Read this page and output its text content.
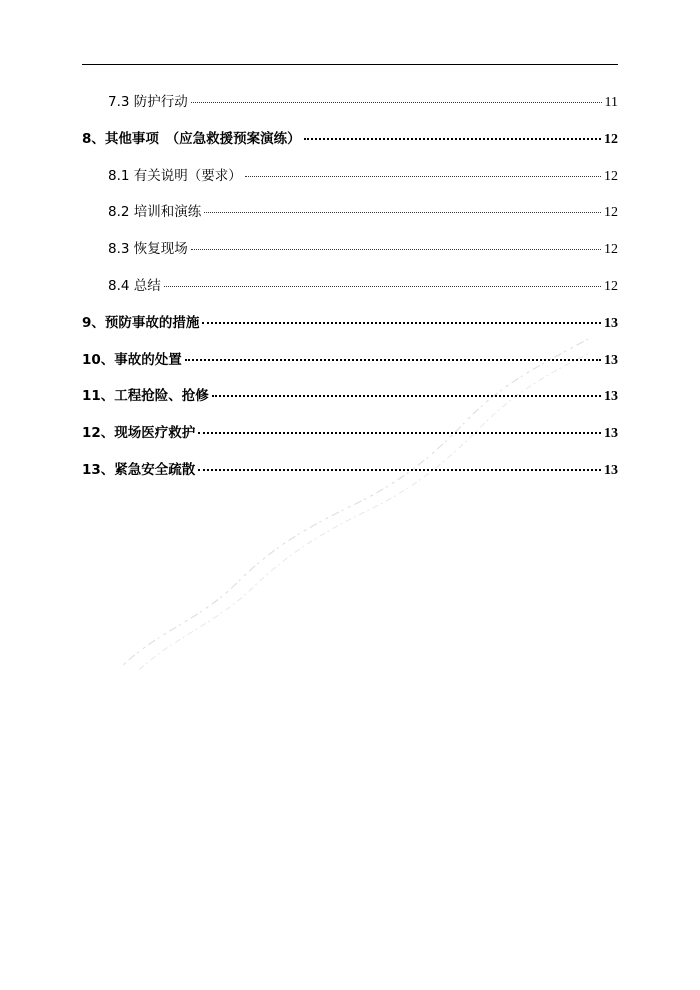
7.3 防护行动	11
8、其他事项　（应急救援预案演练）	12
8.1 有关说明（要求）	12
8.2 培训和演练	12
8.3 恢复现场	12
8.4 总结	12
9、预防事故的措施	13
10、事故的处置	13
11、工程抢险、抢修	13
12、现场医疗救护	13
13、紧急安全疏散	13
